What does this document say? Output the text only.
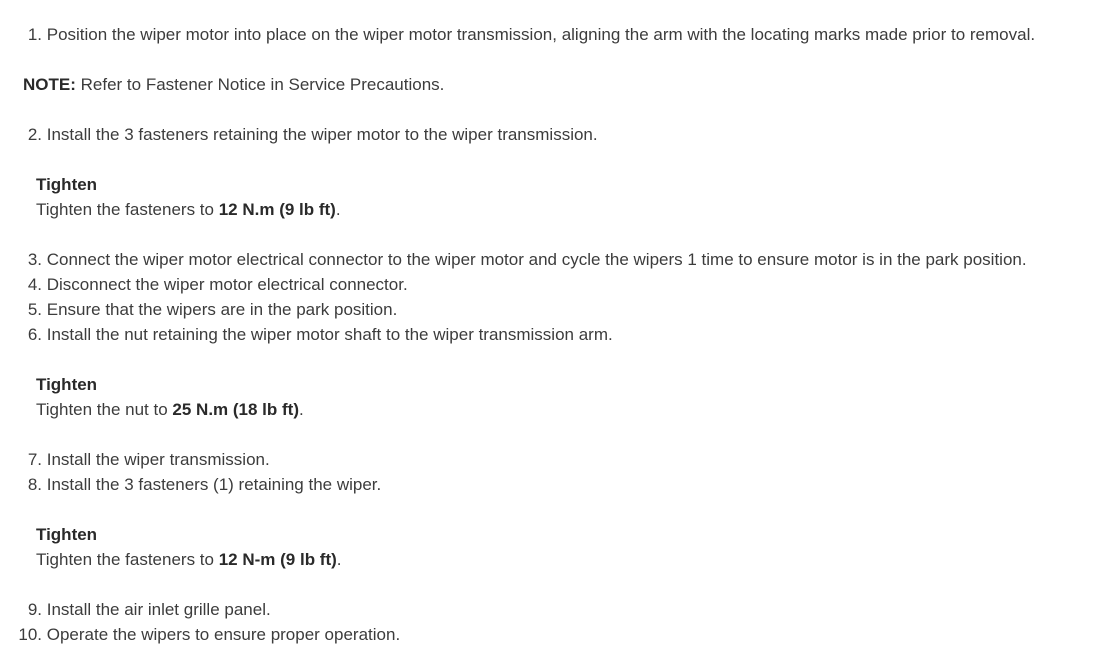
1. Position the wiper motor into place on the wiper motor transmission, aligning the arm with the locating marks made prior to removal.
NOTE: Refer to Fastener Notice in Service Precautions.
2. Install the 3 fasteners retaining the wiper motor to the wiper transmission.
Tighten
Tighten the fasteners to 12 N.m (9 lb ft).
3. Connect the wiper motor electrical connector to the wiper motor and cycle the wipers 1 time to ensure motor is in the park position.
4. Disconnect the wiper motor electrical connector.
5. Ensure that the wipers are in the park position.
6. Install the nut retaining the wiper motor shaft to the wiper transmission arm.
Tighten
Tighten the nut to 25 N.m (18 lb ft).
7. Install the wiper transmission.
8. Install the 3 fasteners (1) retaining the wiper.
Tighten
Tighten the fasteners to 12 N-m (9 lb ft).
9. Install the air inlet grille panel.
10. Operate the wipers to ensure proper operation.
